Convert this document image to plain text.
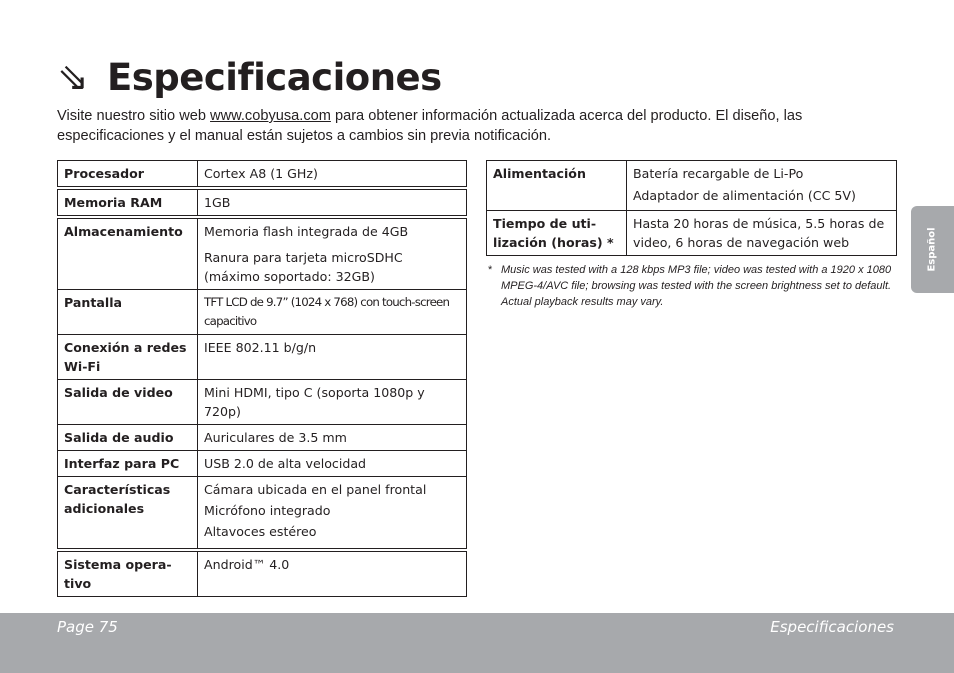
⇘ Especificaciones
Visite nuestro sitio web www.cobyusa.com para obtener información actualizada acerca del producto. El diseño, las especificaciones y el manual están sujetos a cambios sin previa notificación.
Procesador	Cortex A8 (1 GHz)

Memoria RAM	1GB

Almacenamiento	Memoria flash integrada de 4GB
Ranura para tarjeta microSDHC (máximo soportado: 32GB)

Pantalla	TFT LCD de 9.7” (1024 x 768) con touch-screen capacitivo

Conexión a redes Wi-Fi	IEEE 802.11 b/g/n

Salida de video	Mini HDMI, tipo C (soporta 1080p y 720p)

Salida de audio	Auriculares de 3.5 mm

Interfaz para PC	USB 2.0 de alta velocidad

Características adicionales	Cámara ubicada en el panel frontal
Micrófono integrado
Altavoces estéreo

Sistema opera-tivo	Android™ 4.0
Alimentación	Batería recargable de Li-Po
Adaptador de alimentación (CC 5V)

Tiempo de uti-lización (horas) *	Hasta 20 horas de música, 5.5 horas de video, 6 horas de navegación web
* Music was tested with a 128 kbps MP3 file; video was tested with a 1920 x 1080 MPEG-4/AVC file; browsing was tested with the screen brightness set to default. Actual playback results may vary.
Español
Page 75	Especificaciones
